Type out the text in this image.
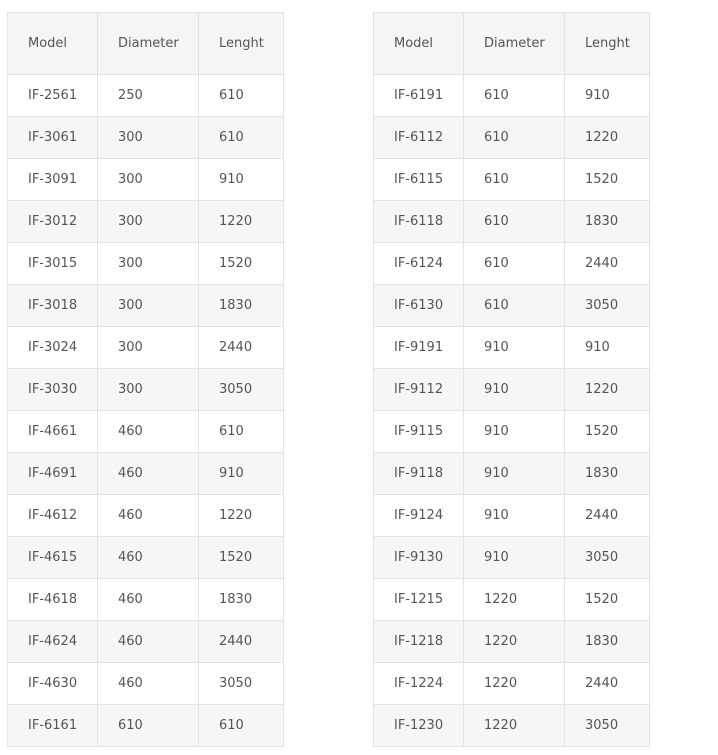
Model	Diameter	Lenght
IF-2561	250	610
IF-3061	300	610
IF-3091	300	910
IF-3012	300	1220
IF-3015	300	1520
IF-3018	300	1830
IF-3024	300	2440
IF-3030	300	3050
IF-4661	460	610
IF-4691	460	910
IF-4612	460	1220
IF-4615	460	1520
IF-4618	460	1830
IF-4624	460	2440
IF-4630	460	3050
IF-6161	610	610
Model	Diameter	Lenght
IF-6191	610	910
IF-6112	610	1220
IF-6115	610	1520
IF-6118	610	1830
IF-6124	610	2440
IF-6130	610	3050
IF-9191	910	910
IF-9112	910	1220
IF-9115	910	1520
IF-9118	910	1830
IF-9124	910	2440
IF-9130	910	3050
IF-1215	1220	1520
IF-1218	1220	1830
IF-1224	1220	2440
IF-1230	1220	3050
